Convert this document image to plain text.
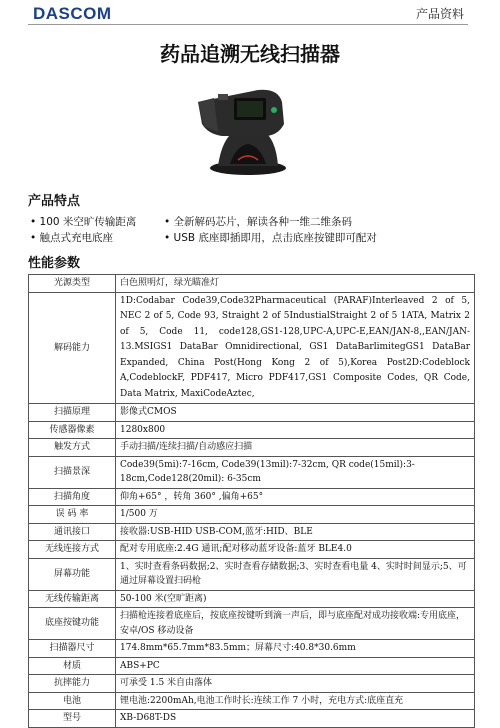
DASCOM	产品资料
药品追溯无线扫描器
产品特点
• 100 米空旷传输距离	• 全新解码芯片，解读各种一维二维条码
• 触点式充电底座	• USB 底座即插即用，点击底座按键即可配对
性能参数
光源类型	白色照明灯，绿光瞄准灯
解码能力	1D:Codabar Code39,Code32Pharmaceutical (PARAF)Interleaved 2 of 5, NEC 2 of 5, Code 93, Straight 2 of 5IndustialStraight 2 of 5 1ATA, Matrix 2 of 5, Code 11, code128,GS1-128,UPC-A,UPC-E,EAN/JAN-8,,EAN/JAN-13.MSIGS1 DataBar Omnidirectional, GS1 DataBarlimitegGS1 DataBar Expanded, China Post(Hong Kong 2 of 5),Korea Post2D:Codeblock A,CodeblockF, PDF417, Micro PDF417,GS1 Composite Codes, QR Code, Data Matrix, MaxiCodeAztec,
扫描原理	影像式CMOS
传感器像素	1280x800
触发方式	手动扫描/连续扫描/自动感应扫描
扫描景深	Code39(5mi):7-16cm, Code39(13mil):7-32cm, QR code(15mil):3-18cm,Code128(20mil): 6-35cm
扫描角度	仰角+65° ，转角 360° ,偏角+65°
误 码 率	1/500 万
通讯接口	接收器:USB-HID USB-COM,蓝牙:HID、BLE
无线连接方式	配对专用底座:2.4G 通讯;配对移动蓝牙设备:蓝牙 BLE4.0
屏幕功能	1、实时查看条码数据;2、实时查看存储数据;3、实时查看电量 4、实时时间显示;5、可通过屏幕设置扫码枪
无线传输距离	50-100 米(空旷距离)
底座按键功能	扫描枪连接着底座后，按底座按键听到滴一声后，即与底座配对成功接收端:专用底座，安卓/OS 移动设备
扫描器尺寸	174.8mm*65.7mm*83.5mm；屏幕尺寸:40.8*30.6mm
材质	ABS+PC
抗摔能力	可承受 1.5 米自由落体
电池	锂电池:2200mAh,电池工作时长:连续工作 7 小时，充电方式:底座直充
型号	XB-D68T-DS
